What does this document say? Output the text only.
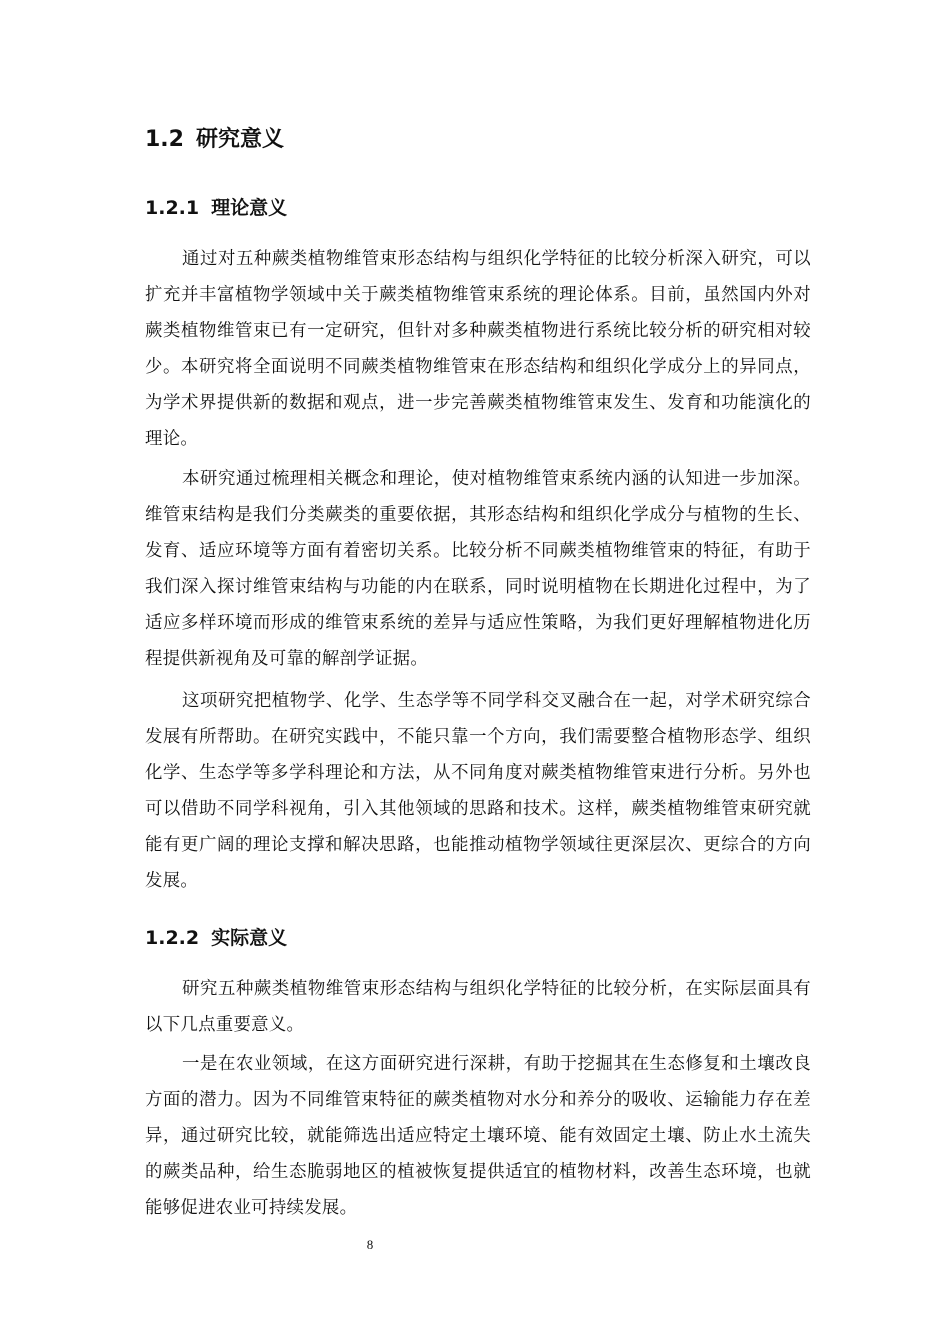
1.2 研究意义
1.2.1 理论意义
通过对五种蕨类植物维管束形态结构与组织化学特征的比较分析深入研究，可以扩充并丰富植物学领域中关于蕨类植物维管束系统的理论体系。目前，虽然国内外对蕨类植物维管束已有一定研究，但针对多种蕨类植物进行系统比较分析的研究相对较少。本研究将全面说明不同蕨类植物维管束在形态结构和组织化学成分上的异同点，为学术界提供新的数据和观点，进一步完善蕨类植物维管束发生、发育和功能演化的理论。
本研究通过梳理相关概念和理论，使对植物维管束系统内涵的认知进一步加深。维管束结构是我们分类蕨类的重要依据，其形态结构和组织化学成分与植物的生长、发育、适应环境等方面有着密切关系。比较分析不同蕨类植物维管束的特征，有助于我们深入探讨维管束结构与功能的内在联系，同时说明植物在长期进化过程中，为了适应多样环境而形成的维管束系统的差异与适应性策略，为我们更好理解植物进化历程提供新视角及可靠的解剖学证据。
这项研究把植物学、化学、生态学等不同学科交叉融合在一起，对学术研究综合发展有所帮助。在研究实践中，不能只靠一个方向，我们需要整合植物形态学、组织化学、生态学等多学科理论和方法，从不同角度对蕨类植物维管束进行分析。另外也可以借助不同学科视角，引入其他领域的思路和技术。这样，蕨类植物维管束研究就能有更广阔的理论支撑和解决思路，也能推动植物学领域往更深层次、更综合的方向发展。
1.2.2 实际意义
研究五种蕨类植物维管束形态结构与组织化学特征的比较分析，在实际层面具有以下几点重要意义。
一是在农业领域，在这方面研究进行深耕，有助于挖掘其在生态修复和土壤改良方面的潜力。因为不同维管束特征的蕨类植物对水分和养分的吸收、运输能力存在差异，通过研究比较，就能筛选出适应特定土壤环境、能有效固定土壤、防止水土流失的蕨类品种，给生态脆弱地区的植被恢复提供适宜的植物材料，改善生态环境，也就能够促进农业可持续发展。
8
